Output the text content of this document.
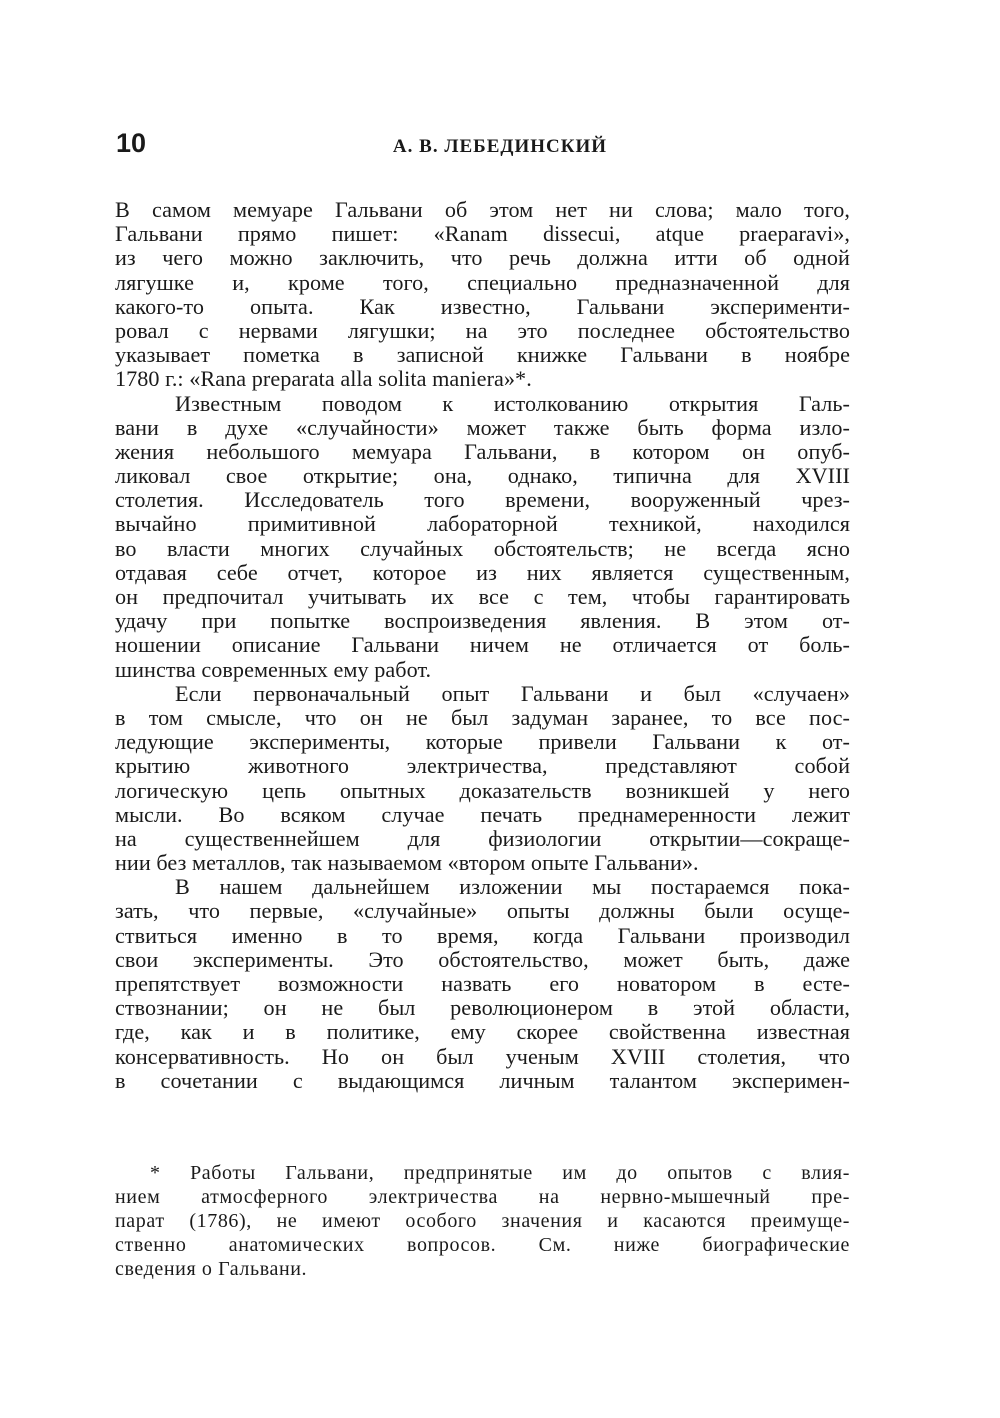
10	А. В. ЛЕБЕДИНСКИЙ
В самом мемуаре Гальвани об этом нет ни слова; мало того,
Гальвани прямо пишет: «Ranam dissecui, atque praeparavi»,
из чего можно заключить, что речь должна итти об одной
лягушке и, кроме того, специально предназначенной для
какого-то опыта. Как известно, Гальвани эксперименти-
ровал с нервами лягушки; на это последнее обстоятельство
указывает пометка в записной книжке Гальвани в ноябре
1780 г.: «Rana preparata alla solita maniera»*.
Известным поводом к истолкованию открытия Галь-
вани в духе «случайности» может также быть форма изло-
жения небольшого мемуара Гальвани, в котором он опуб-
ликовал свое открытие; она, однако, типична для XVIII
столетия. Исследователь того времени, вооруженный чрез-
вычайно примитивной лабораторной техникой, находился
во власти многих случайных обстоятельств; не всегда ясно
отдавая себе отчет, которое из них является существенным,
он предпочитал учитывать их все с тем, чтобы гарантировать
удачу при попытке воспроизведения явления. В этом от-
ношении описание Гальвани ничем не отличается от боль-
шинства современных ему работ.
Если первоначальный опыт Гальвани и был «случаен»
в том смысле, что он не был задуман заранее, то все пос-
ледующие эксперименты, которые привели Гальвани к от-
крытию животного электричества, представляют собой
логическую цепь опытных доказательств возникшей у него
мысли. Во всяком случае печать преднамеренности лежит
на существеннейшем для физиологии открытии—сокраще-
нии без металлов, так называемом «втором опыте Гальвани».
В нашем дальнейшем изложении мы постараемся пока-
зать, что первые, «случайные» опыты должны были осуще-
ствиться именно в то время, когда Гальвани производил
свои эксперименты. Это обстоятельство, может быть, даже
препятствует возможности назвать его новатором в есте-
ствознании; он не был революционером в этой области,
где, как и в политике, ему скорее свойственна известная
консервативность. Но он был ученым XVIII столетия, что
в сочетании с выдающимся личным талантом эксперимен-
* Работы Гальвани, предпринятые им до опытов с влия-
нием атмосферного электричества на нервно-мышечный пре-
парат (1786), не имеют особого значения и касаются преимуще-
ственно анатомических вопросов. См. ниже биографические
сведения о Гальвани.
